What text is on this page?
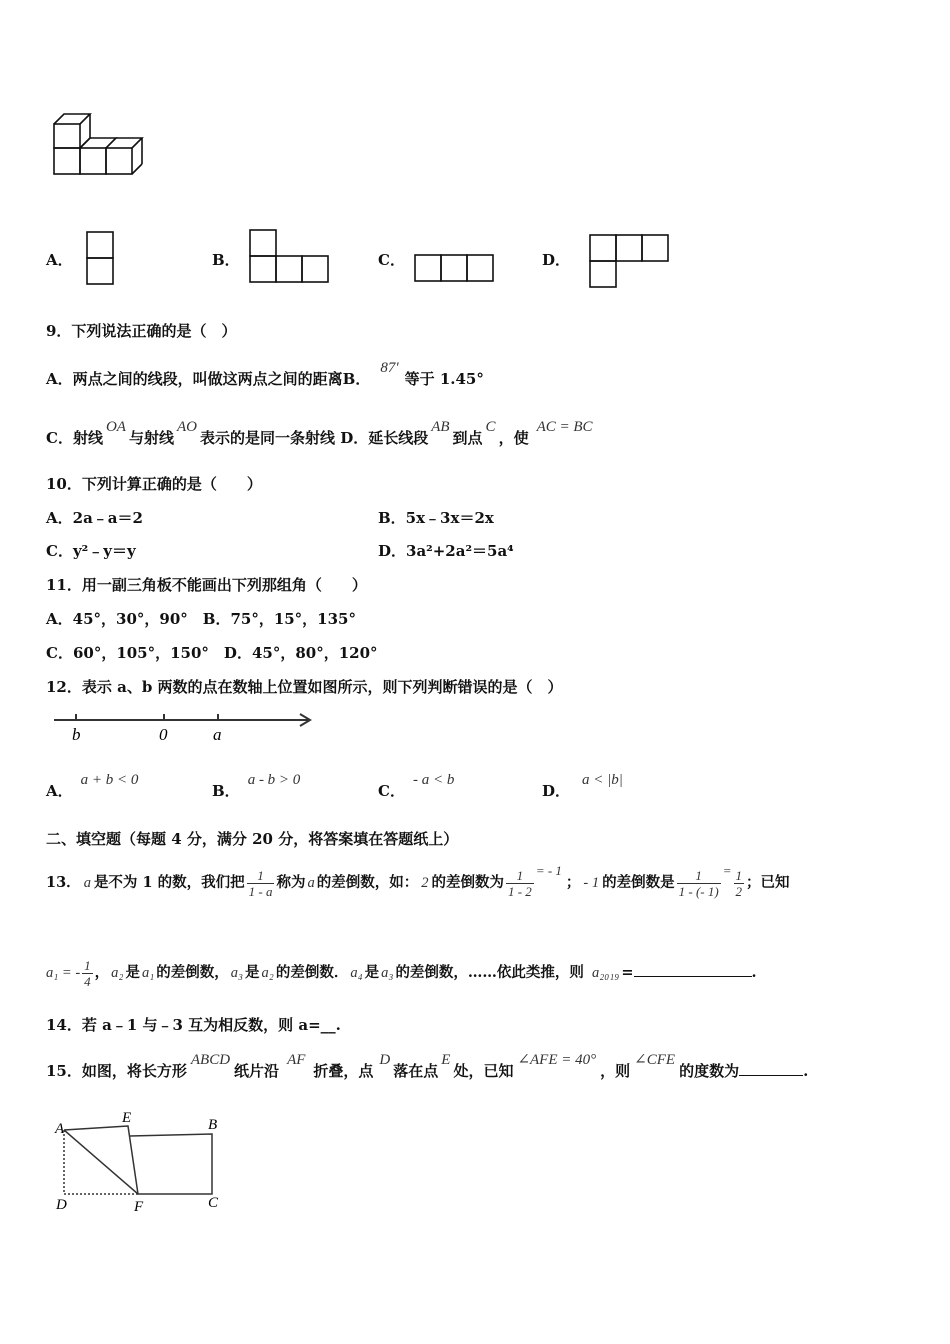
A．	B．	C．	D．
9．下列说法正确的是（　）
A．两点之间的线段，叫做这两点之间的距离B．87′等于 1.45°
C．射线OA与射线AO表示的是同一条射线 D．延长线段AB到点C，使AC = BC
10．下列计算正确的是（　　）
A．2a﹣a＝2	B．5x﹣3x＝2x
C．y²﹣y＝y	D．3a²+2a²＝5a⁴
11．用一副三角板不能画出下列那组角（　　）
A．45°，30°，90°　B．75°，15°，135°
C．60°，105°，150°　D．45°，80°，120°
12．表示 a、b 两数的点在数轴上位置如图所示，则下列判断错误的是（　）
b	0	a
A．a + b < 0
B．a - b > 0
C．- a < b
D．a < |b|
二、填空题（每题 4 分，满分 20 分，将答案填在答题纸上）
13． a 是不为 1 的数，我们把 $\frac{1}{1 - a}$ 称为 a 的差倒数，如： 2 的差倒数为 $\frac{1}{1 - 2}$ = - 1； - 1 的差倒数是 $\frac{1}{1 - (- 1)} = \frac{1}{2}$ ；已知
a₁ = - $\frac{1}{4}$ ， a₂ 是 a₁ 的差倒数， a₃ 是 a₂ 的差倒数． a₄ 是 a₃ 的差倒数，……依此类推，则 a₂₀₁₉ =	.
14．若 a﹣1 与﹣3 互为相反数，则 a=__.
15．如图，将长方形ABCD纸片沿AF折叠，点D落在点E处，已知∠AFE = 40°，则∠CFE的度数为	.
A
E	B
D	F	C
